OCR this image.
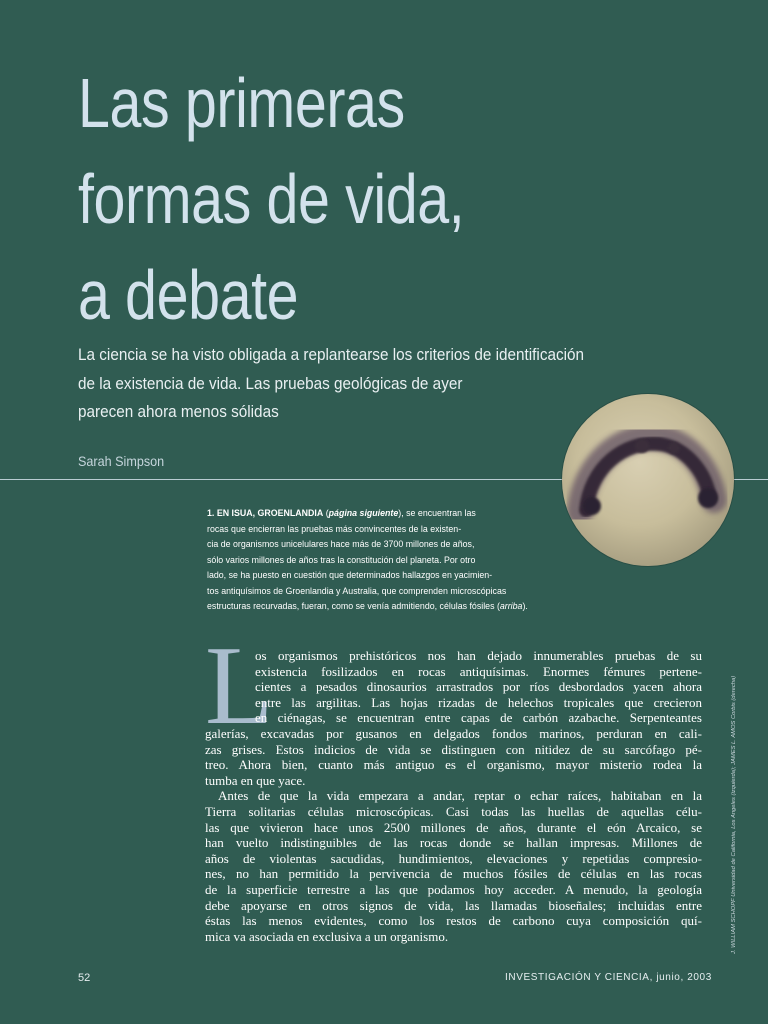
Las primeras
formas de vida,
a debate
La ciencia se ha visto obligada a replantearse los criterios de identificación
de la existencia de vida. Las pruebas geológicas de ayer
parecen ahora menos sólidas
Sarah Simpson
1. EN ISUA, GROENLANDIA (página siguiente), se encuentran las
rocas que encierran las pruebas más convincentes de la existen-
cia de organismos unicelulares hace más de 3700 millones de años,
sólo varios millones de años tras la constitución del planeta. Por otro
lado, se ha puesto en cuestión que determinados hallazgos en yacimien-
tos antiquísimos de Groenlandia y Australia, que comprenden microscópicas
estructuras recurvadas, fueran, como se venía admitiendo, células fósiles (arriba).
L
os organismos prehistóricos nos han dejado innumerables pruebas de su
existencia fosilizados en rocas antiquísimas. Enormes fémures pertene-
cientes a pesados dinosaurios arrastrados por ríos desbordados yacen ahora
entre las argilitas. Las hojas rizadas de helechos tropicales que crecieron
en ciénagas, se encuentran entre capas de carbón azabache. Serpenteantes
galerías, excavadas por gusanos en delgados fondos marinos, perduran en cali-
zas grises. Estos indicios de vida se distinguen con nitidez de su sarcófago pé-
treo. Ahora bien, cuanto más antiguo es el organismo, mayor misterio rodea la
tumba en que yace.
Antes de que la vida empezara a andar, reptar o echar raíces, habitaban en la
Tierra solitarias células microscópicas. Casi todas las huellas de aquellas célu-
las que vivieron hace unos 2500 millones de años, durante el eón Arcaico, se
han vuelto indistinguibles de las rocas donde se hallan impresas. Millones de
años de violentas sacudidas, hundimientos, elevaciones y repetidas compresio-
nes, no han permitido la pervivencia de muchos fósiles de células en las rocas
de la superficie terrestre a las que podamos hoy acceder. A menudo, la geología
debe apoyarse en otros signos de vida, las llamadas bioseñales; incluidas entre
éstas las menos evidentes, como los restos de carbono cuya composición quí-
mica va asociada en exclusiva a un organismo.	J. WILLIAM SCHOPF Universidad de California, Los Angeles (izquierda); JAMES L. AMOS Corbis (derecha)
52	INVESTIGACIÓN Y CIENCIA, junio, 2003
